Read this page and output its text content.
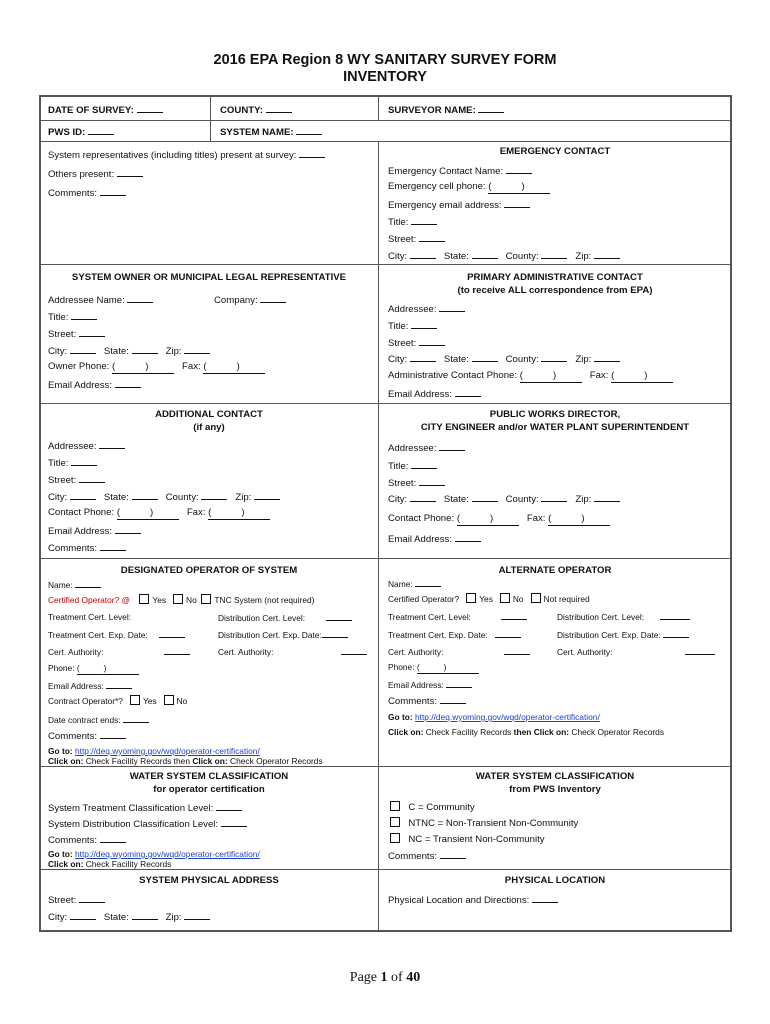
2016 EPA Region 8 WY SANITARY SURVEY FORM
INVENTORY
DATE OF SURVEY:	COUNTY:	SURVEYOR NAME:
PWS ID:	SYSTEM NAME:
System representatives (including titles) present at survey:
Others present:
Comments:
EMERGENCY CONTACT
Emergency Contact Name:
Emergency cell phone: (	)
Emergency email address:
Title:
Street:
City:	State:	County:	Zip:
SYSTEM OWNER OR MUNICIPAL LEGAL REPRESENTATIVE
Addressee Name:	Company:
Title:
Street:
City:	State:	Zip:
Owner Phone: (	)	Fax: (	)
Email Address:
PRIMARY ADMINISTRATIVE CONTACT
(to receive ALL correspondence from EPA)
Addressee:
Title:
Street:
City:	State:	County:	Zip:
Administrative Contact Phone: (	)	Fax: (	)
Email Address:
ADDITIONAL CONTACT
(if any)
Addressee:
Title:
Street:
City:	State:	County:	Zip:
Contact Phone: (	)	Fax: (	)
Email Address:
Comments:
PUBLIC WORKS DIRECTOR,
CITY ENGINEER and/or WATER PLANT SUPERINTENDENT
Addressee:
Title:
Street:
City:	State:	County:	Zip:
Contact Phone: (	)	Fax: (	)
Email Address:
DESIGNATED OPERATOR OF SYSTEM
Name:
Certified Operator? @	Yes No TNC System (not required)
Treatment Cert. Level:	Distribution Cert. Level:
Treatment Cert. Exp. Date:	Distribution Cert. Exp. Date:
Cert. Authority:	Cert. Authority:
Phone: (	)
Email Address:
Contract Operator*? Yes No
Date contract ends:
Comments:
Go to: http://deq.wyoming.gov/wqd/operator-certification/
Click on: Check Facility Records then Click on: Check Operator Records
ALTERNATE OPERATOR
Name:
Certified Operator? Yes No Not required
Treatment Cert. Level:	Distribution Cert. Level:
Treatment Cert. Exp. Date:	Distribution Cert. Exp. Date:
Cert. Authority:	Cert. Authority:
Phone: (	)
Email Address:
Comments:
Go to: http://deq.wyoming.gov/wqd/operator-certification/
Click on: Check Facility Records then Click on: Check Operator Records
WATER SYSTEM CLASSIFICATION
for operator certification
System Treatment Classification Level:
System Distribution Classification Level:
Comments:
Go to: http://deq.wyoming.gov/wqd/operator-certification/
Click on: Check Facility Records
WATER SYSTEM CLASSIFICATION
from PWS Inventory
C = Community
NTNC = Non-Transient Non-Community
NC = Transient Non-Community
Comments:
SYSTEM PHYSICAL ADDRESS
Street:
City:	State:	Zip:
PHYSICAL LOCATION
Physical Location and Directions:
Page 1 of 40
